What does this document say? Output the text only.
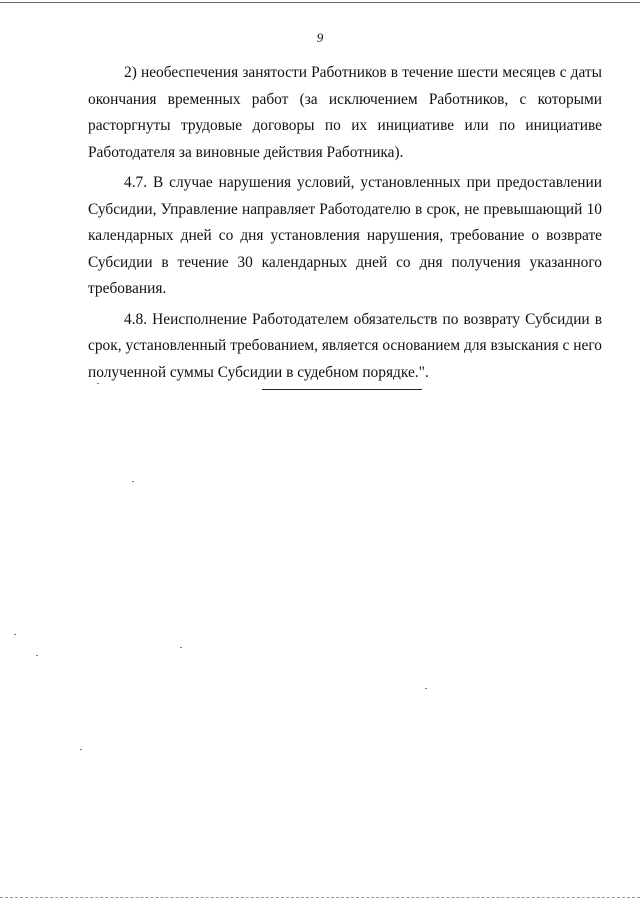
9

2) необеспечения занятости Работников в течение шести месяцев с даты окончания временных работ (за исключением Работников, с которыми расторгнуты трудовые договоры по их инициативе или по инициативе Работодателя за виновные действия Работника).

4.7. В случае нарушения условий, установленных при предоставлении Субсидии, Управление направляет Работодателю в срок, не превышающий 10 календарных дней со дня установления нарушения, требование о возврате Субсидии в течение 30 календарных дней со дня получения указанного требования.

4.8. Неисполнение Работодателем обязательств по возврату Субсидии в срок, установленный требованием, является основанием для взыскания с него полученной суммы Субсидии в судебном порядке.".
